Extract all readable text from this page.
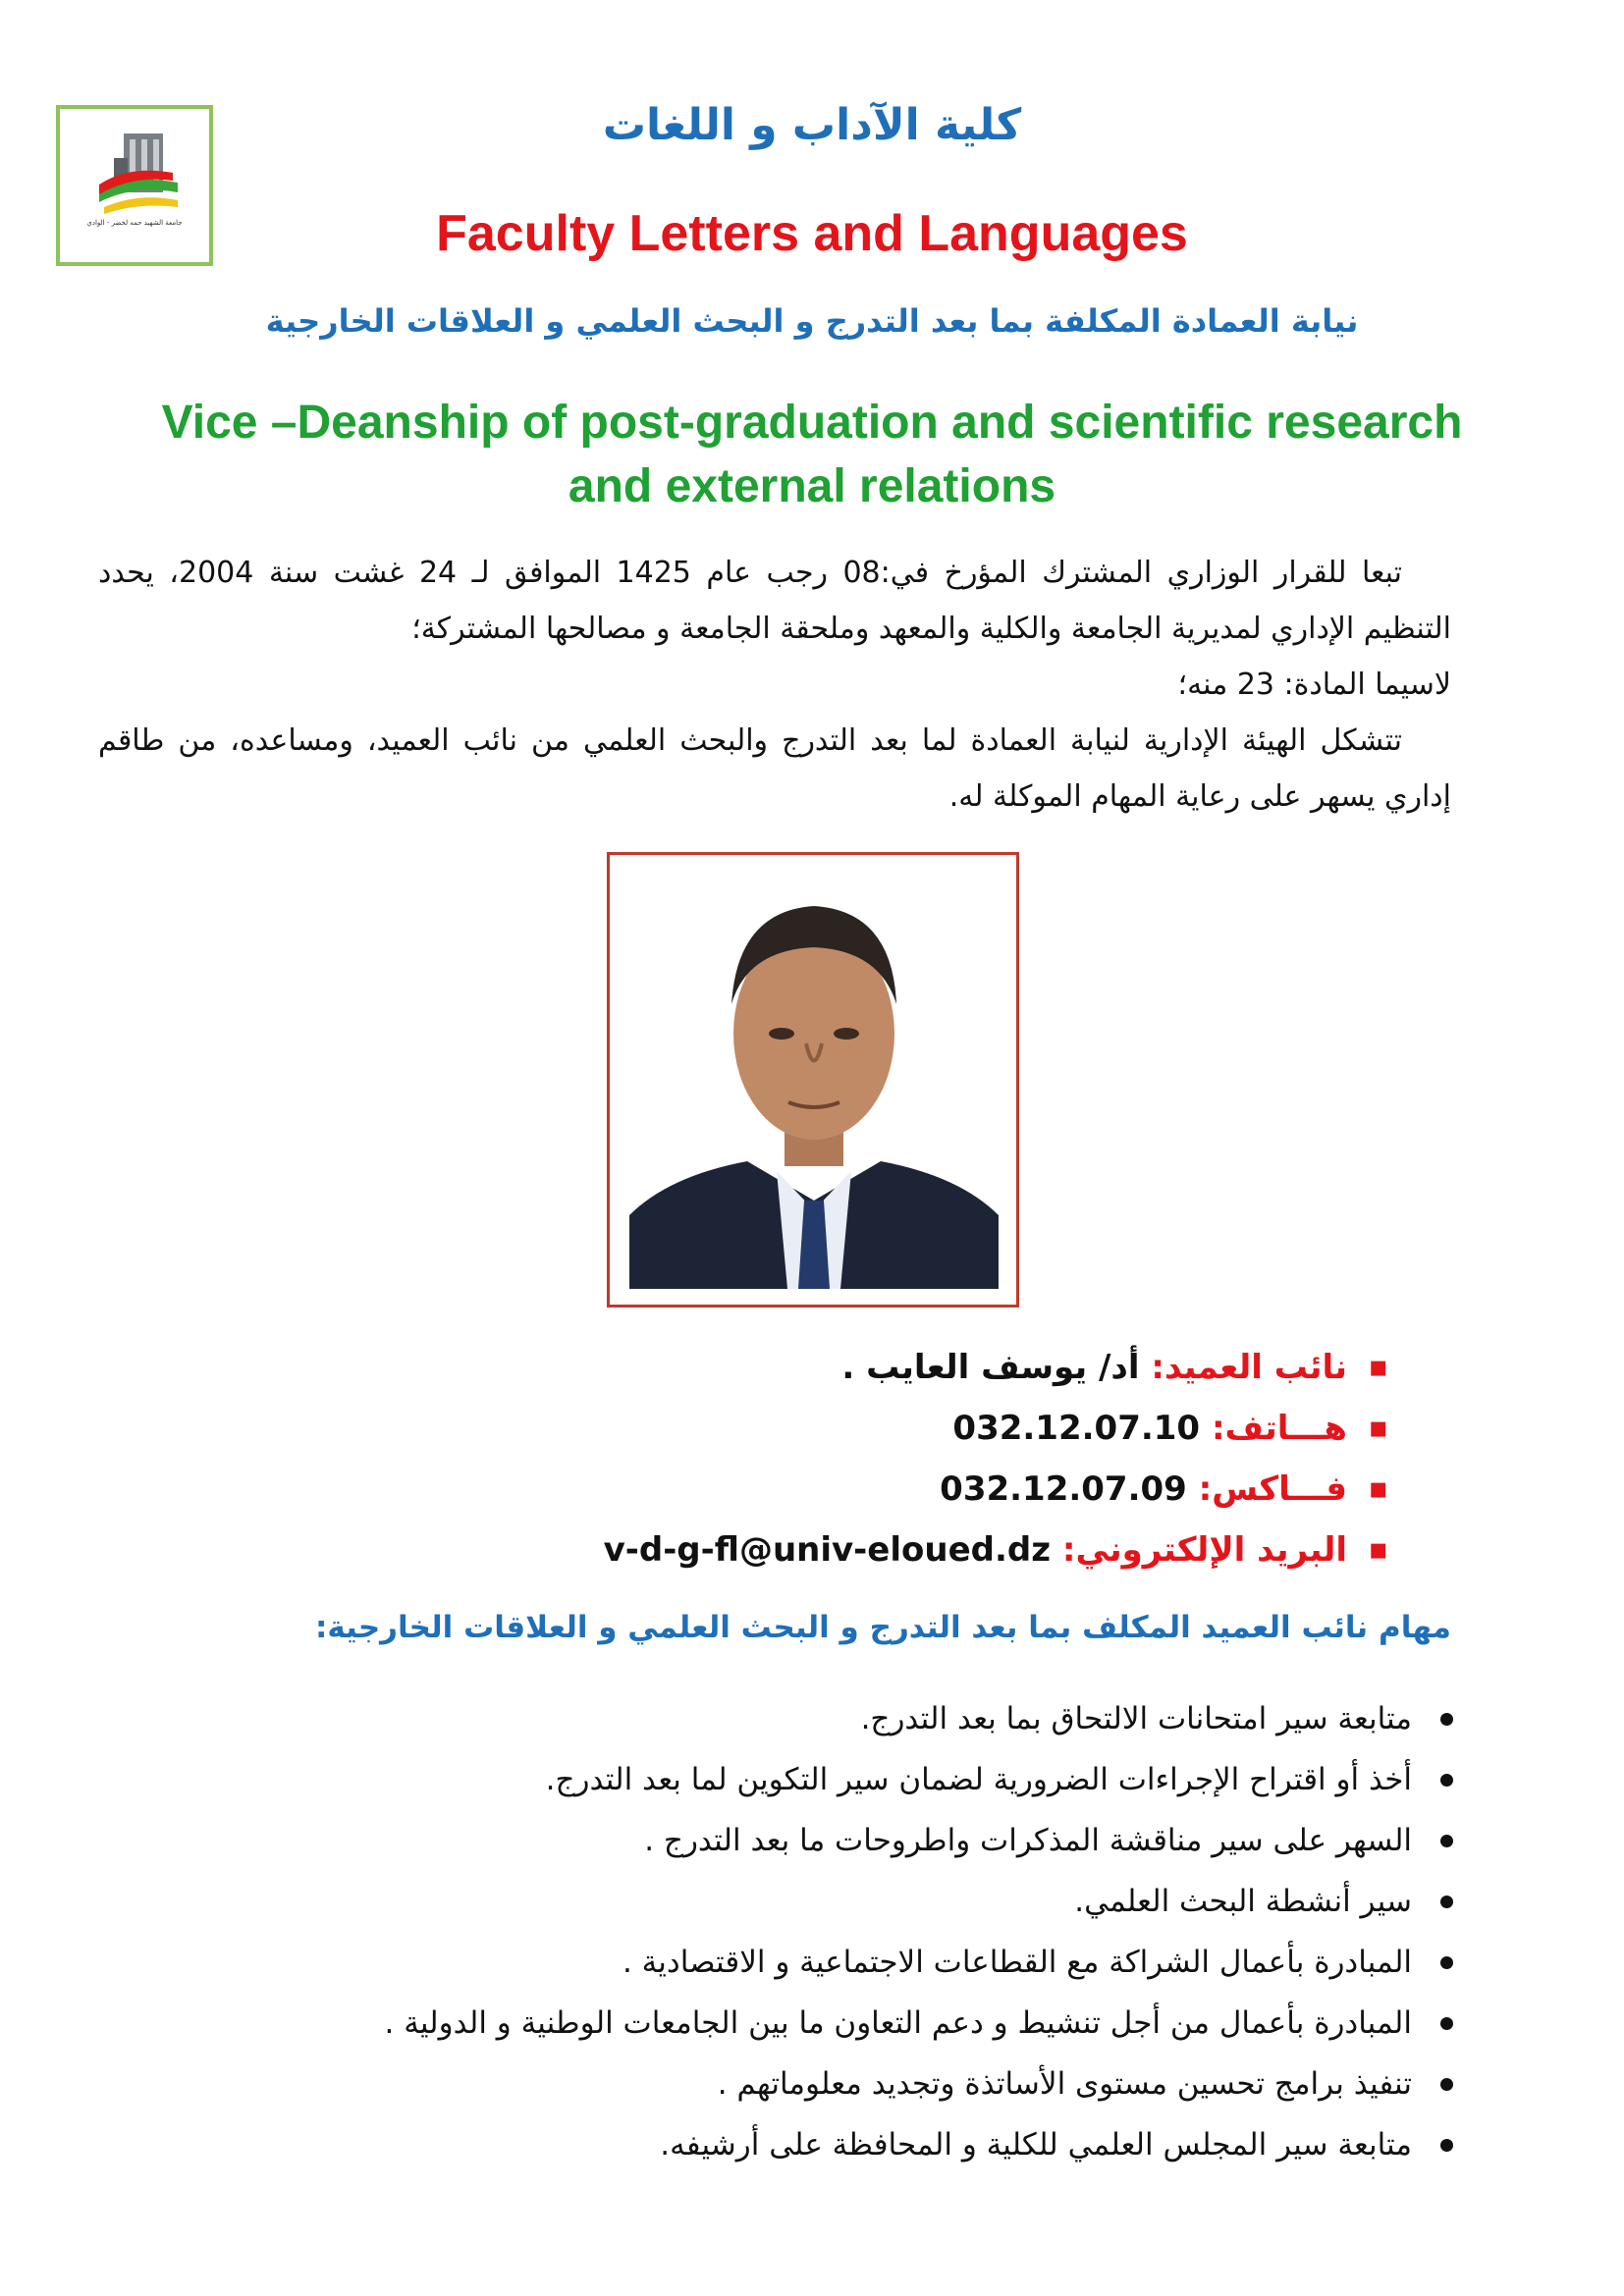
جامعة الشهيد حمه لخضر - الوادي
كلية الآداب و اللغات
Faculty Letters and Languages
نيابة العمادة المكلفة بما بعد التدرج و البحث العلمي و العلاقات الخارجية
Vice –Deanship of post-graduation and scientific research
and external relations

تبعا للقرار الوزاري المشترك المؤرخ في:08 رجب عام 1425 الموافق لـ 24 غشت سنة 2004، يحدد التنظيم الإداري لمديرية الجامعة والكلية والمعهد وملحقة الجامعة و مصالحها المشتركة؛

لاسيما المادة: 23 منه؛

تتشكل الهيئة الإدارية لنيابة العمادة لما بعد التدرج والبحث العلمي من نائب العميد، ومساعده، من طاقم إداري يسهر على رعاية المهام الموكلة له.

▪
نائب العميد: أد/ يوسف العايب .
▪
هـــاتف: 032.12.07.10
▪
فـــاكس: 032.12.07.09
▪
البريد الإلكتروني: v-d-g-fl@univ-eloued.dz
مهام نائب العميد المكلف بما بعد التدرج و البحث العلمي و العلاقات الخارجية:
متابعة سير امتحانات الالتحاق بما بعد التدرج.
أخذ أو اقتراح الإجراءات الضرورية لضمان سير التكوين لما بعد التدرج.
السهر على سير مناقشة المذكرات واطروحات ما بعد التدرج .
سير أنشطة البحث العلمي.
المبادرة بأعمال الشراكة مع القطاعات الاجتماعية و الاقتصادية .
المبادرة بأعمال من أجل تنشيط و دعم التعاون ما بين الجامعات الوطنية و الدولية .
تنفيذ برامج تحسين مستوى الأساتذة وتجديد معلوماتهم .
متابعة سير المجلس العلمي للكلية و المحافظة على أرشيفه.
